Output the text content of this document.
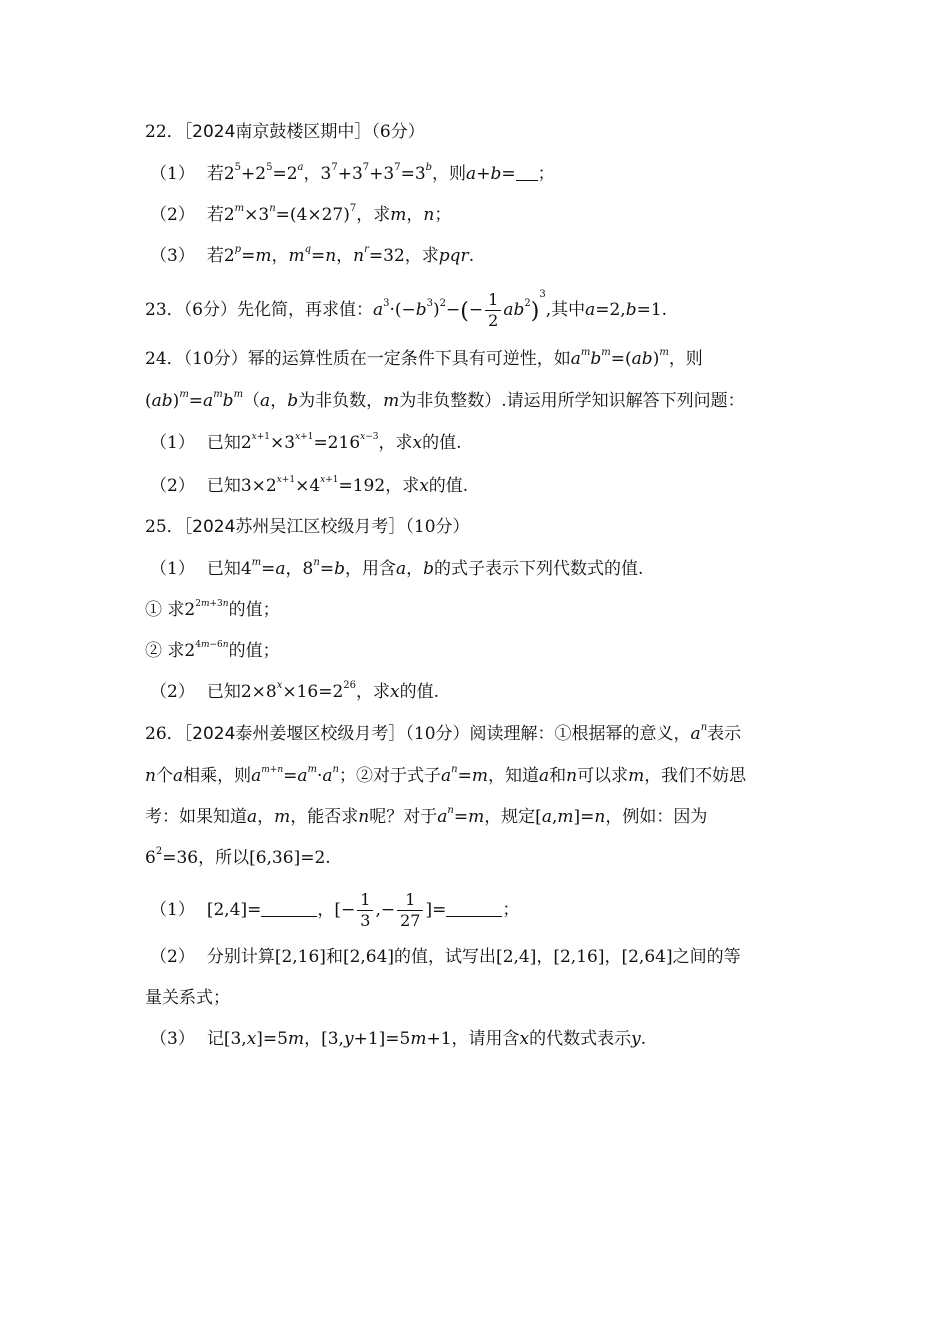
22．［2024南京鼓楼区期中］（6分）
（1） 若$2^5+2^5=2^a$，$3^7+3^7+3^7=3^b$，则a+b= ；
（2） 若$2^m\times 3^n=(4\times 27)^7$，求m，n；
（3） 若$2^p=m$，$m^q=n$，$n^r=32$，求pqr.
23．（6分）先化简，再求值：$a^3\cdot(-b^3)^2-(- \frac{1}{2} ab^2)^3$,其中a=2,b=1.
24．（10分）幂的运算性质在一定条件下具有可逆性，如$a^mb^m=(ab)^m$，则
$(ab)^m=a^mb^m(a$，b为非负数，m为非负整数）.请运用所学知识解答下列问题：
（1） 已知$2^{x+1}\times 3^{x+1}=216^{x-3}$，求x的值.
（2） 已知$3\times 2^{x+1}\times 4^{x+1}=192$，求x的值.
25．［2024苏州吴江区校级月考］（10分）
（1） 已知$4^m=a$，$8^n=b$，用含a，b的式子表示下列代数式的值.
① 求$2^{2m+3n}$的值；
② 求$2^{4m-6n}$的值；
（2） 已知$2\times 8^x\times 16=2^{26}$，求x的值.
26．［2024泰州姜堰区校级月考］（10分）阅读理解：①根据幂的意义，$a^n$表示
n个a相乘，则$a^{m+n}=a^m\cdot a^n$；②对于式子$a^n=m$，知道a和n可以求m，我们不妨思
考：如果知道a，m，能否求n呢？对于$a^n=m$，规定[a,m]=n，例如：因为
$6^2=36$，所以[6,36]=2.
（1） [2,4]=	，[− $\frac{1}{3}$ ,− $\frac{1}{27}$ ]=	；
（2） 分别计算[2,16]和[2,64]的值，试写出[2,4]，[2,16]，[2,64]之间的等
量关系式；
（3） 记[3,x]=5m，[3,y+1]=5m+1，请用含x的代数式表示y.
